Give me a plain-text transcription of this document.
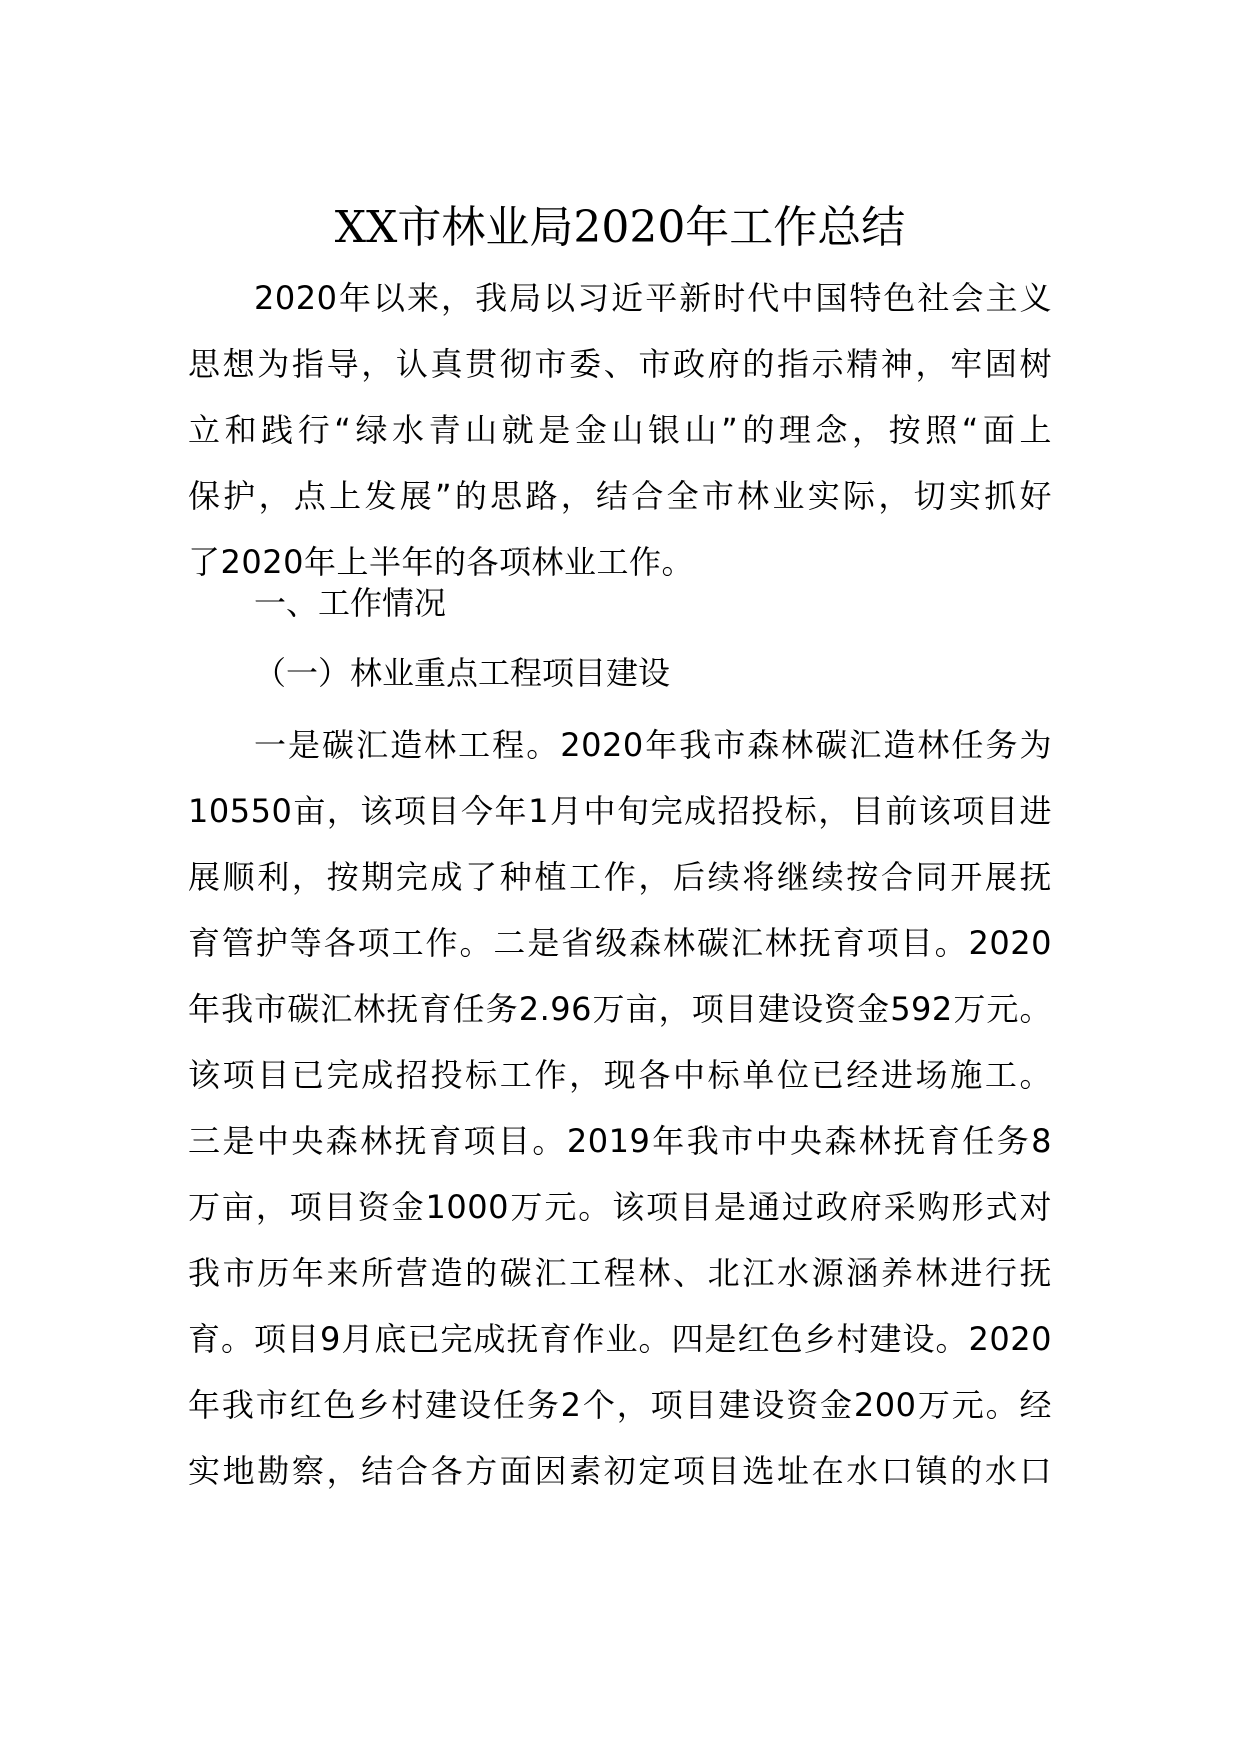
XX市林业局2020年工作总结
2020年以来，我局以习近平新时代中国特色社会主义
思想为指导，认真贯彻市委、市政府的指示精神，牢固树
立和践行“绿水青山就是金山银山”的理念，按照“面上
保护，点上发展”的思路，结合全市林业实际，切实抓好
了2020年上半年的各项林业工作。
一、工作情况
（一）林业重点工程项目建设
一是碳汇造林工程。2020年我市森林碳汇造林任务为
10550亩，该项目今年1月中旬完成招投标，目前该项目进
展顺利，按期完成了种植工作，后续将继续按合同开展抚
育管护等各项工作。二是省级森林碳汇林抚育项目。2020
年我市碳汇林抚育任务2.96万亩，项目建设资金592万元。
该项目已完成招投标工作，现各中标单位已经进场施工。
三是中央森林抚育项目。2019年我市中央森林抚育任务8
万亩，项目资金1000万元。该项目是通过政府采购形式对
我市历年来所营造的碳汇工程林、北江水源涵养林进行抚
育。项目9月底已完成抚育作业。四是红色乡村建设。2020
年我市红色乡村建设任务2个，项目建设资金200万元。经
实地勘察，结合各方面因素初定项目选址在水口镇的水口
